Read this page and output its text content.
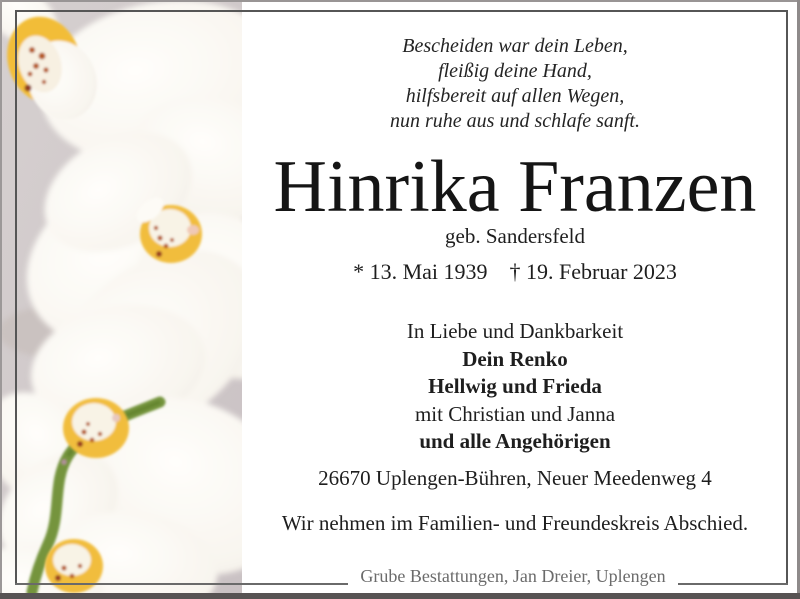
Bescheiden war dein Leben,
fleißig deine Hand,
hilfsbereit auf allen Wegen,
nun ruhe aus und schlafe sanft.
Hinrika Franzen
geb. Sandersfeld
* 13. Mai 1939 † 19. Februar 2023
In Liebe und Dankbarkeit
Dein Renko
Hellwig und Frieda
mit Christian und Janna
und alle Angehörigen
26670 Uplengen-Bühren, Neuer Meedenweg 4
Wir nehmen im Familien- und Freundeskreis Abschied.
Grube Bestattungen, Jan Dreier, Uplengen
